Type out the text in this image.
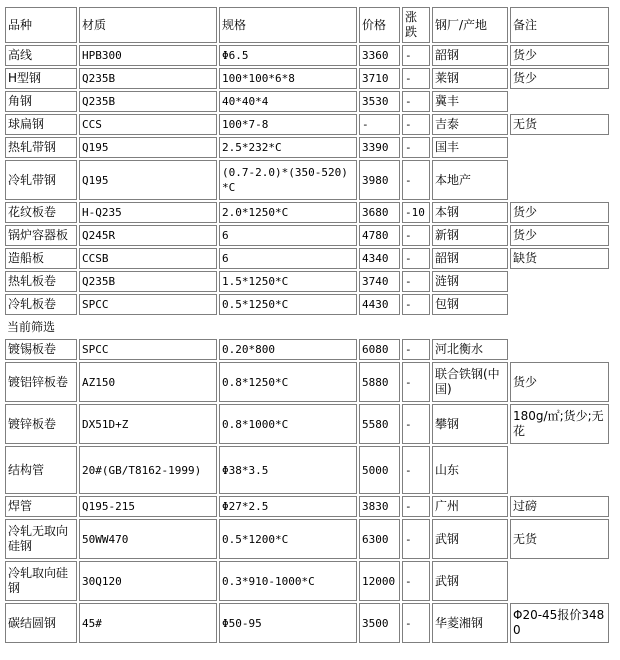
品种	材质	规格	价格	涨跌	钢厂/产地	备注
高线	HPB300	Φ6.5	3360	-	韶钢	货少
H型钢	Q235B	100*100*6*8	3710	-	莱钢	货少
角钢	Q235B	40*40*4	3530	-	冀丰	
球扁钢	CCS	100*7-8	-	-	吉泰	无货
热轧带钢	Q195	2.5*232*C	3390	-	国丰	
冷轧带钢	Q195	(0.7-2.0)*(350-520)*C	3980	-	本地产	
花纹板卷	H-Q235	2.0*1250*C	3680	-10	本钢	货少
锅炉容器板	Q245R	6	4780	-	新钢	货少
造船板	CCSB	6	4340	-	韶钢	缺货
热轧板卷	Q235B	1.5*1250*C	3740	-	涟钢	
冷轧板卷	SPCC	0.5*1250*C	4430	-	包钢	
当前筛选						
镀锡板卷	SPCC	0.20*800	6080	-	河北衡水	
镀铝锌板卷	AZ150	0.8*1250*C	5880	-	联合铁钢(中国)	货少
镀锌板卷	DX51D+Z	0.8*1000*C	5580	-	攀钢	180g/㎡;货少;无花
结构管	20#(GB/T8162-1999)	Φ38*3.5	5000	-	山东	
焊管	Q195-215	Φ27*2.5	3830	-	广州	过磅
冷轧无取向硅钢	50WW470	0.5*1200*C	6300	-	武钢	无货
冷轧取向硅钢	30Q120	0.3*910-1000*C	12000	-	武钢	
碳结圆钢	45#	Φ50-95	3500	-	华菱湘钢	Φ20-45报价3480
